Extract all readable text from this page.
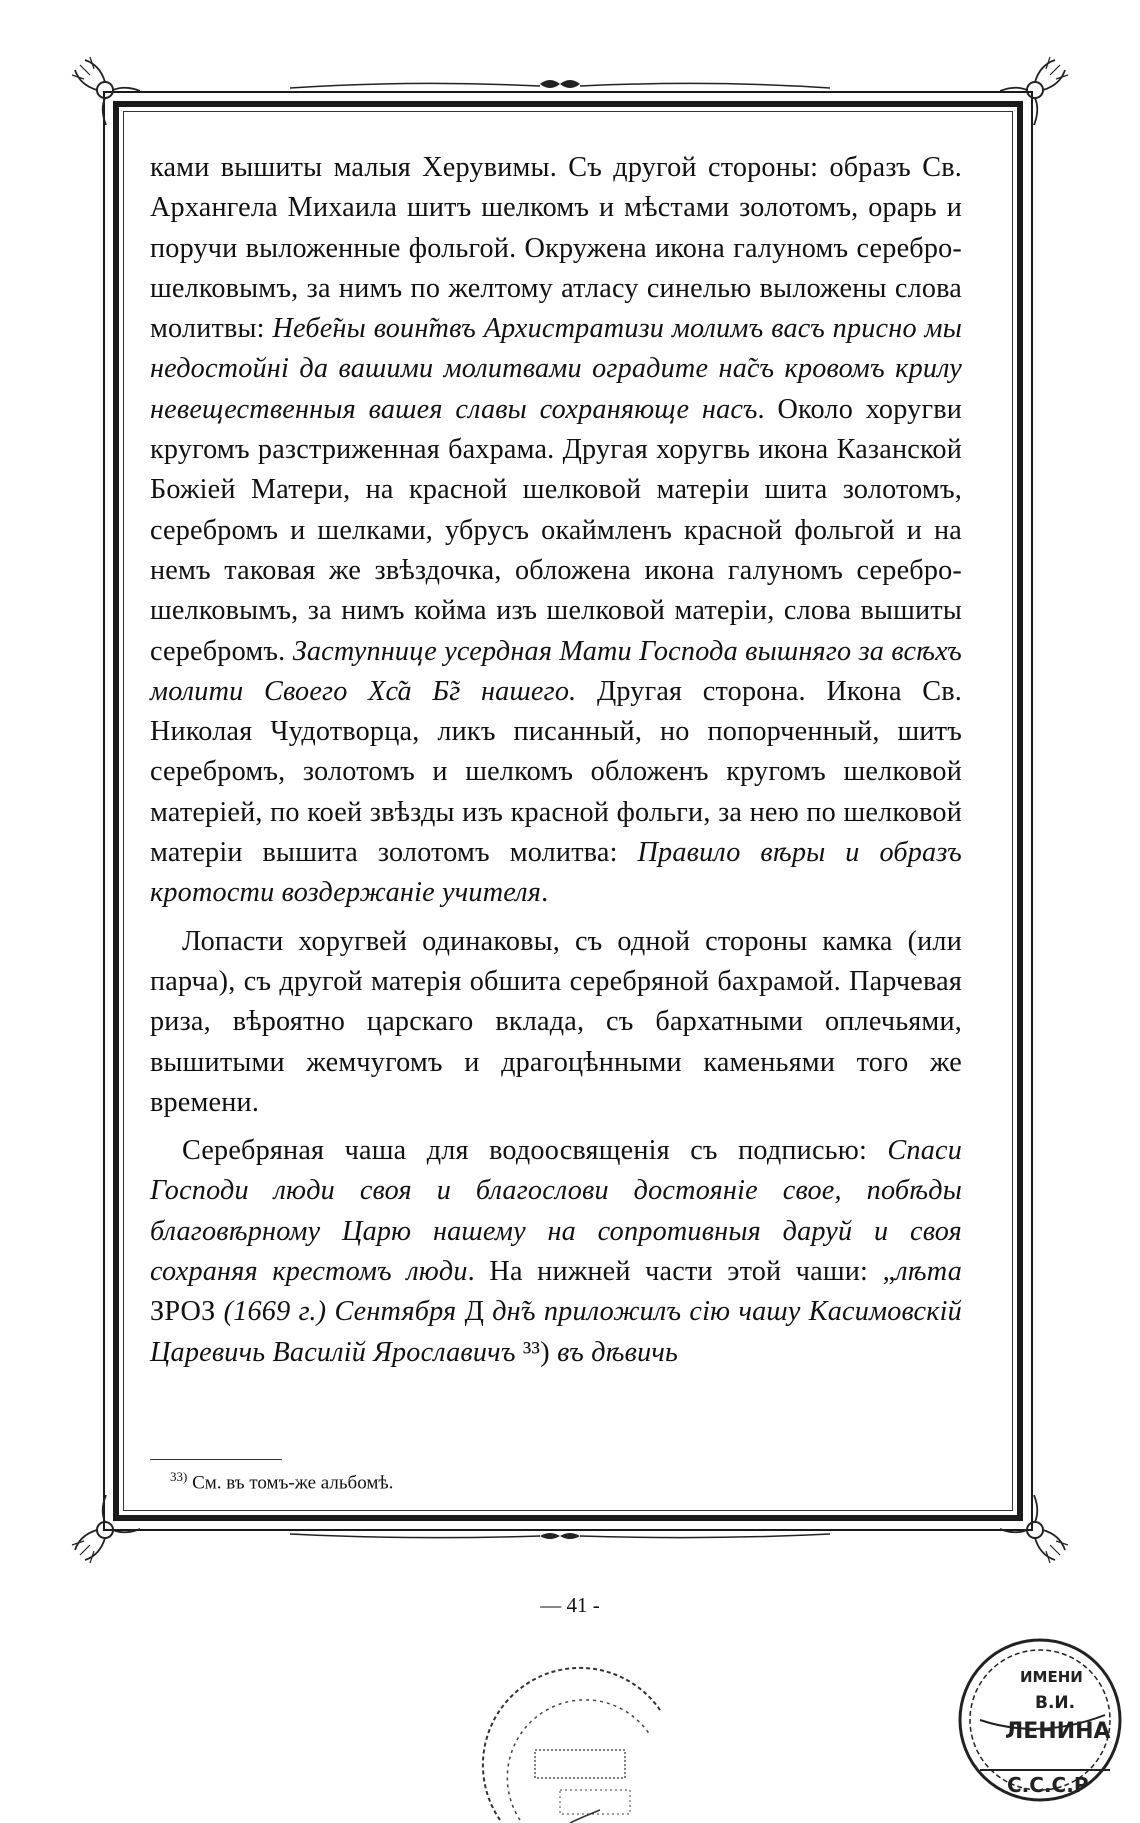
ками вышиты малыя Херувимы. Съ другой стороны: образъ Св. Архангела Михаила шитъ шелкомъ и мѣстами золотомъ, орарь и поручи выложенные фольгой. Окружена икона галуномъ серебро-шелковымъ, за нимъ по желтому атласу синелью выложены слова молитвы: Небе̃ны воин̃твъ Архистратизи молимъ васъ присно мы недостойнi да вашими молитвами оградите на̃съ кровомъ крилу невещественныя вашея славы сохраняюще насъ. Около хоругви кругомъ разстриженная бахрама. Другая хоругвь икона Казанской Божiей Матери, на красной шелковой матерiи шита золотомъ, серебромъ и шелками, убрусъ окаймленъ красной фольгой и на немъ таковая же звѣздочка, обложена икона галуномъ серебро-шелковымъ, за нимъ койма изъ шелковой матерiи, слова вышиты серебромъ. Заступнице усердная Мати Господа вышняго за всѣхъ молити Своего Хс̃а Б̃г нашего. Другая сторона. Икона Св. Николая Чудотворца, ликъ писанный, но попорченный, шитъ серебромъ, золотомъ и шелкомъ обложенъ кругомъ шелковой матерiей, по коей звѣзды изъ красной фольги, за нею по шелковой матерiи вышита золотомъ молитва: Правило вѣры и образъ кротости воздержанiе учителя.

Лопасти хоругвей одинаковы, съ одной стороны камка (или парча), съ другой матерiя обшита серебряной бахрамой. Парчевая риза, вѣроятно царскаго вклада, съ бархатными оплечьями, вышитыми жемчугомъ и драгоцѣнными каменьями того же времени.

Серебряная чаша для водоосвященiя съ подписью: Спаси Господи люди своя и благослови достоянiе свое, побѣды благовѣрному Царю нашему на сопротивныя даруй и своя сохраняя крестомъ люди. На нижней части этой чаши: „лѣта ЗРОЗ (1669 г.) Сентября Д дн̃ъ приложилъ сiю чашу Касимовскiй Царевичь Василiй Ярославичъ ³³) въ дѣвичь

$^{33)}$ См. въ томъ-же альбомѣ.
— 41 -
ИМЕНИ
В.И.
ЛЕНИНА
С.С.С.Р
